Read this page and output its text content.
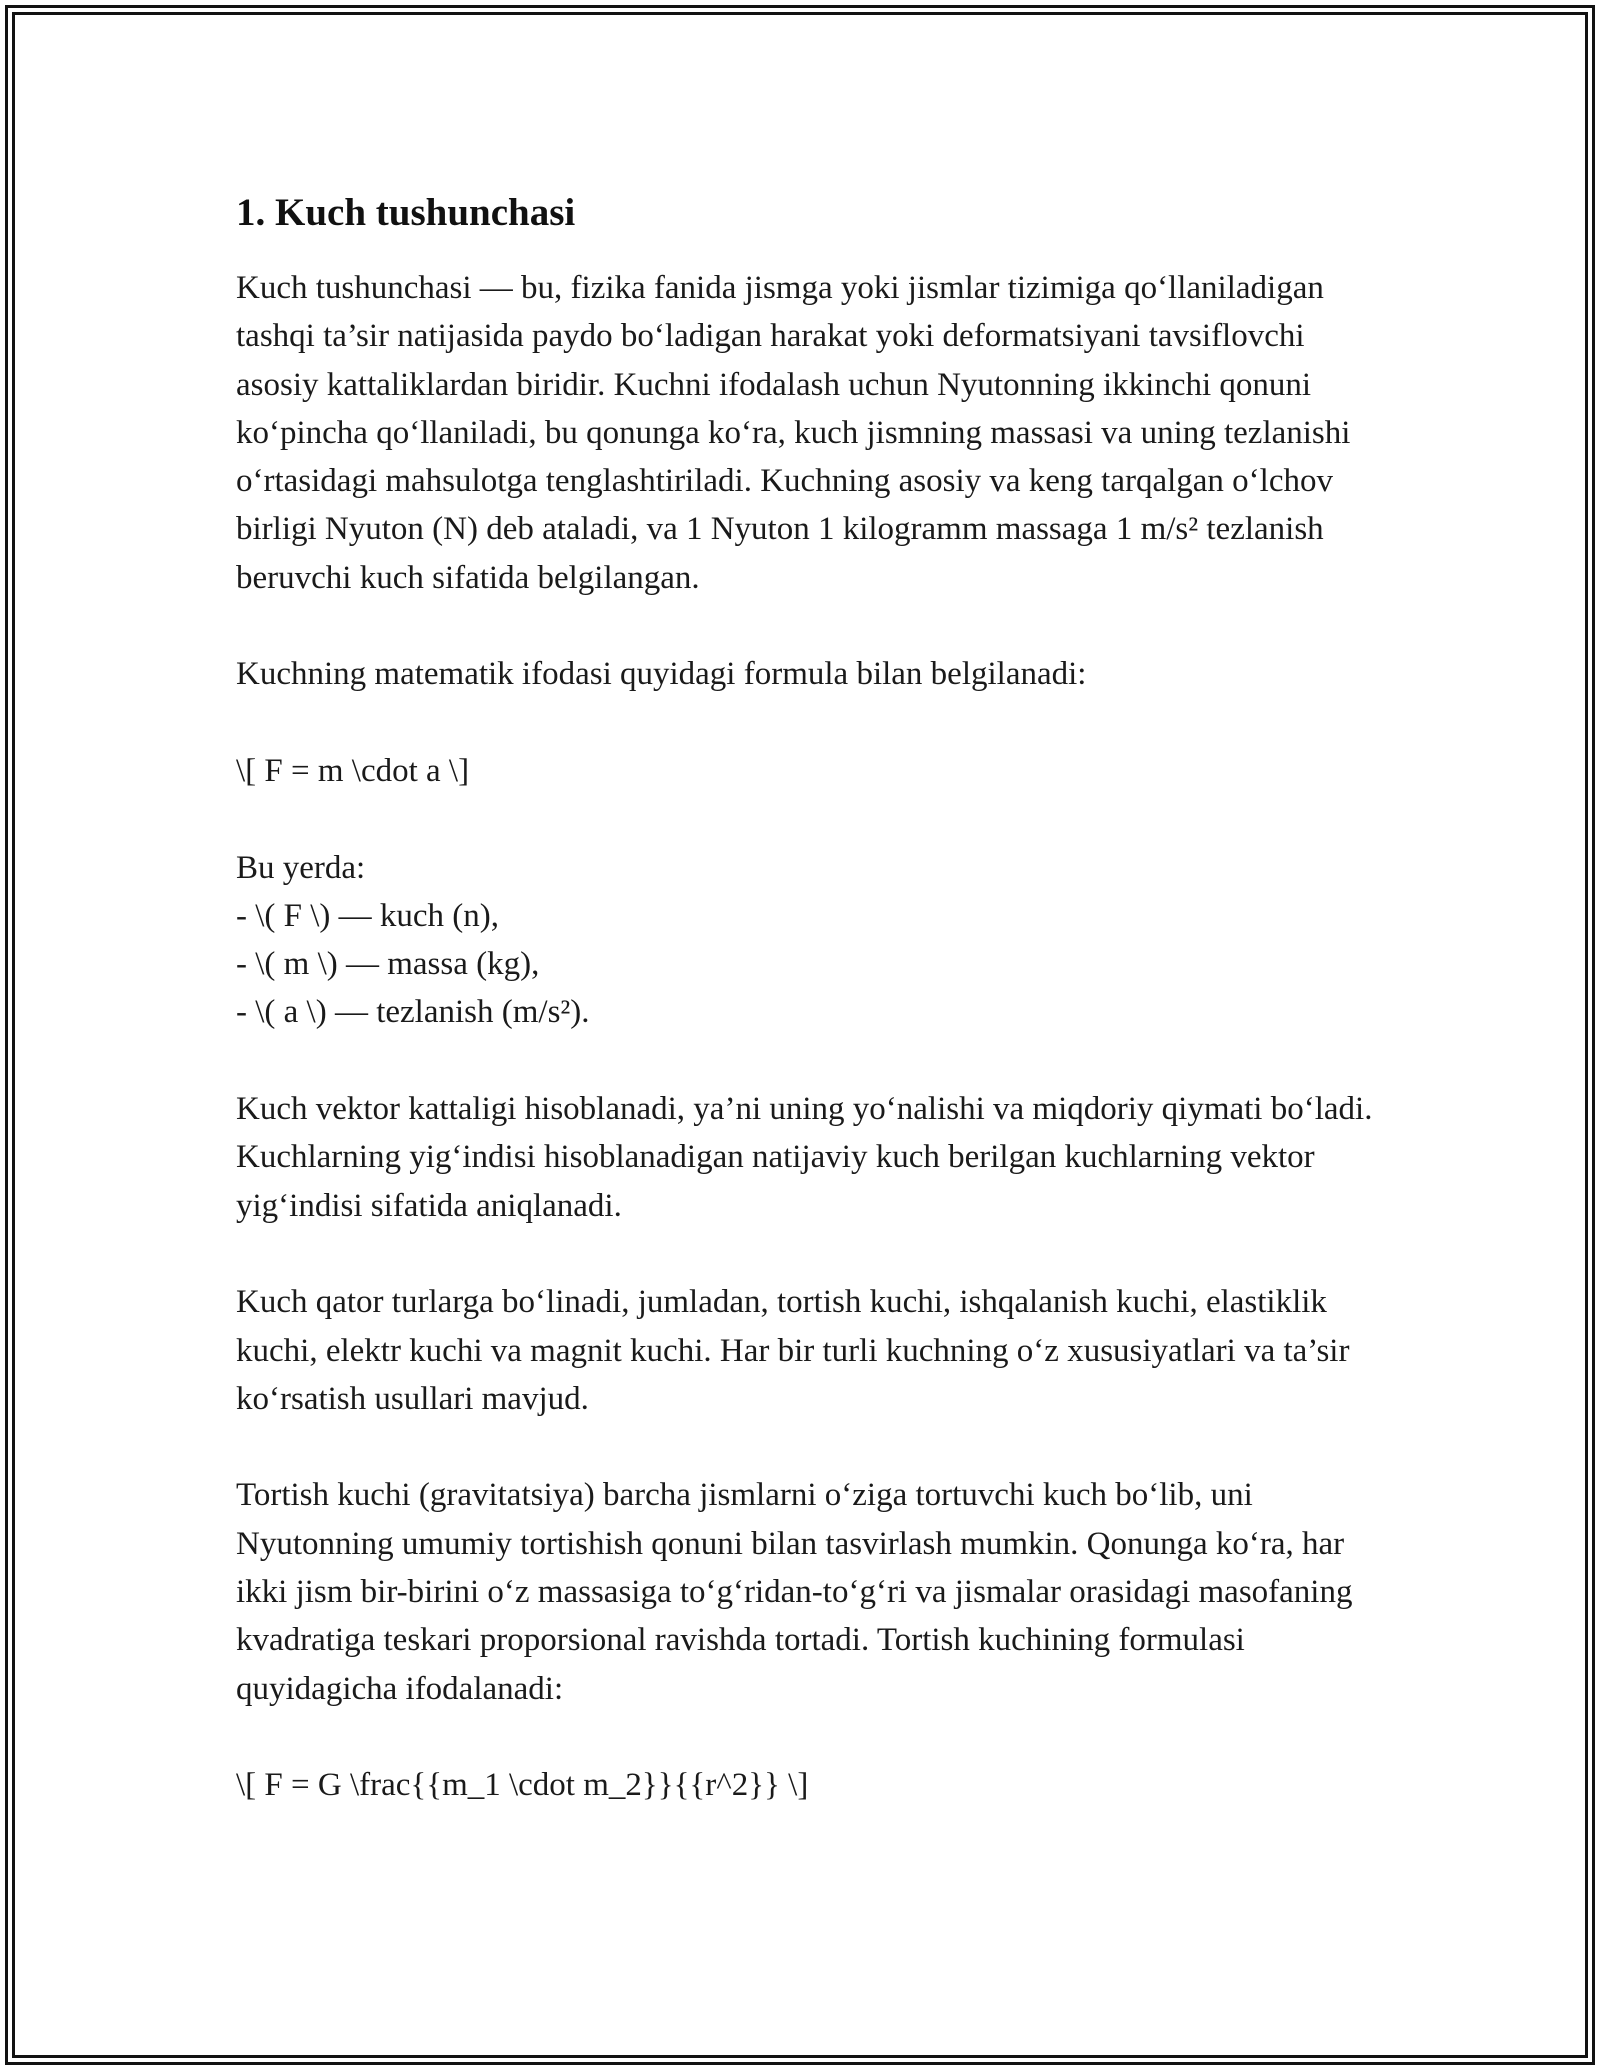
1. Kuch tushunchasi

Kuch tushunchasi — bu, fizika fanida jismga yoki jismlar tizimiga qo‘llaniladigan tashqi ta’sir natijasida paydo bo‘ladigan harakat yoki deformatsiyani tavsiflovchi asosiy kattaliklardan biridir. Kuchni ifodalash uchun Nyutonning ikkinchi qonuni ko‘pincha qo‘llaniladi, bu qonunga ko‘ra, kuch jismning massasi va uning tezlanishi o‘rtasidagi mahsulotga tenglashtiriladi. Kuchning asosiy va keng tarqalgan o‘lchov birligi Nyuton (N) deb ataladi, va 1 Nyuton 1 kilogramm massaga 1 m/s² tezlanish beruvchi kuch sifatida belgilangan.

Kuchning matematik ifodasi quyidagi formula bilan belgilanadi:

\[ F = m \cdot a \]

Bu yerda:
- \( F \) — kuch (n),
- \( m \) — massa (kg),
- \( a \) — tezlanish (m/s²).

Kuch vektor kattaligi hisoblanadi, ya’ni uning yo‘nalishi va miqdoriy qiymati bo‘ladi. Kuchlarning yig‘indisi hisoblanadigan natijaviy kuch berilgan kuchlarning vektor yig‘indisi sifatida aniqlanadi.

Kuch qator turlarga bo‘linadi, jumladan, tortish kuchi, ishqalanish kuchi, elastiklik kuchi, elektr kuchi va magnit kuchi. Har bir turli kuchning o‘z xususiyatlari va ta’sir ko‘rsatish usullari mavjud.

Tortish kuchi (gravitatsiya) barcha jismlarni o‘ziga tortuvchi kuch bo‘lib, uni Nyutonning umumiy tortishish qonuni bilan tasvirlash mumkin. Qonunga ko‘ra, har ikki jism bir-birini o‘z massasiga to‘g‘ridan-to‘g‘ri va jismalar orasidagi masofaning kvadratiga teskari proporsional ravishda tortadi. Tortish kuchining formulasi quyidagicha ifodalanadi:

\[ F = G \frac{{m_1 \cdot m_2}}{{r^2}} \]
